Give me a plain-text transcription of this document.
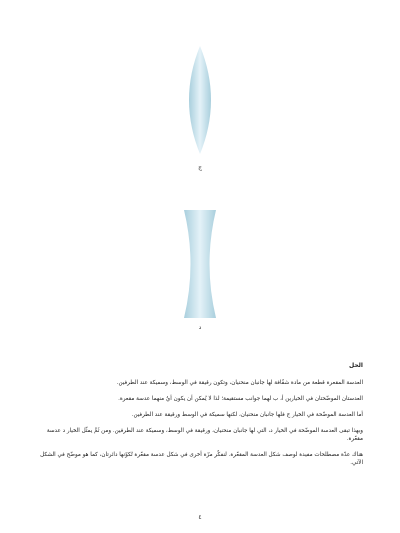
ج
د
الحل

العدسة المقعرة قطعة من مادة شفّافة لها جانبان منحنيان، وتكون رقيقة في الوسط، وسميكة عند الطرفين.

العدستان الموضّحتان في الخيارين أ، ب لهما جوانب مستقيمة؛ لذا لا يُمكن أن يكون أيٌ منهما عدسة مقعرة.

أما العدسة الموضّحة في الخيار ج فلها جانبان منحنيان، لكنها سميكة في الوسط ورقيقة عند الطرفين.

وبهذا تبقى العدسة الموضّحة في الخيار د، التي لها جانبان منحنيان، ورقيقة في الوسط، وسميكة عند الطرفين. ومن ثَمَّ يمثّل الخيار د عدسة مقعّرة.

هناك عدّة مصطلحات مفيدة لوصف شكل العدسة المقعّرة. لنفكّر مرّة أخرى في شكل عدسة مقعّرة تُكوّنها دائرتان، كما هو موضّح في الشكل الآتي.

٤
